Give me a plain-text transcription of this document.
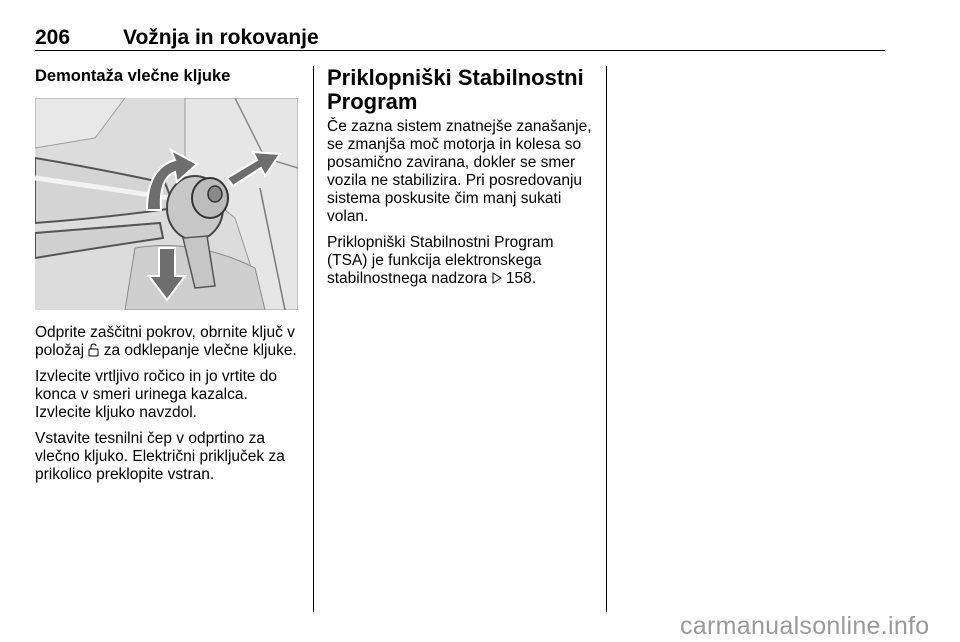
206	Vožnja in rokovanje
Demontaža vlečne kljuke

Odprite zaščitni pokrov, obrnite ključ v položaj za odklepanje vlečne kljuke.

Izvlecite vrtljivo ročico in jo vrtite do konca v smeri urinega kazalca. Izvlecite kljuko navzdol.

Vstavite tesnilni čep v odprtino za vlečno kljuko. Električni priključek za prikolico preklopite vstran.

Priklopniški Stabilnostni Program

Če zazna sistem znatnejše zanašanje, se zmanjša moč motorja in kolesa so posamično zavirana, dokler se smer vozila ne stabilizira. Pri posredovanju sistema poskusite čim manj sukati volan.

Priklopniški Stabilnostni Program (TSA) je funkcija elektronskega stabilnostnega nadzora 158.

carmanualsonline.info
